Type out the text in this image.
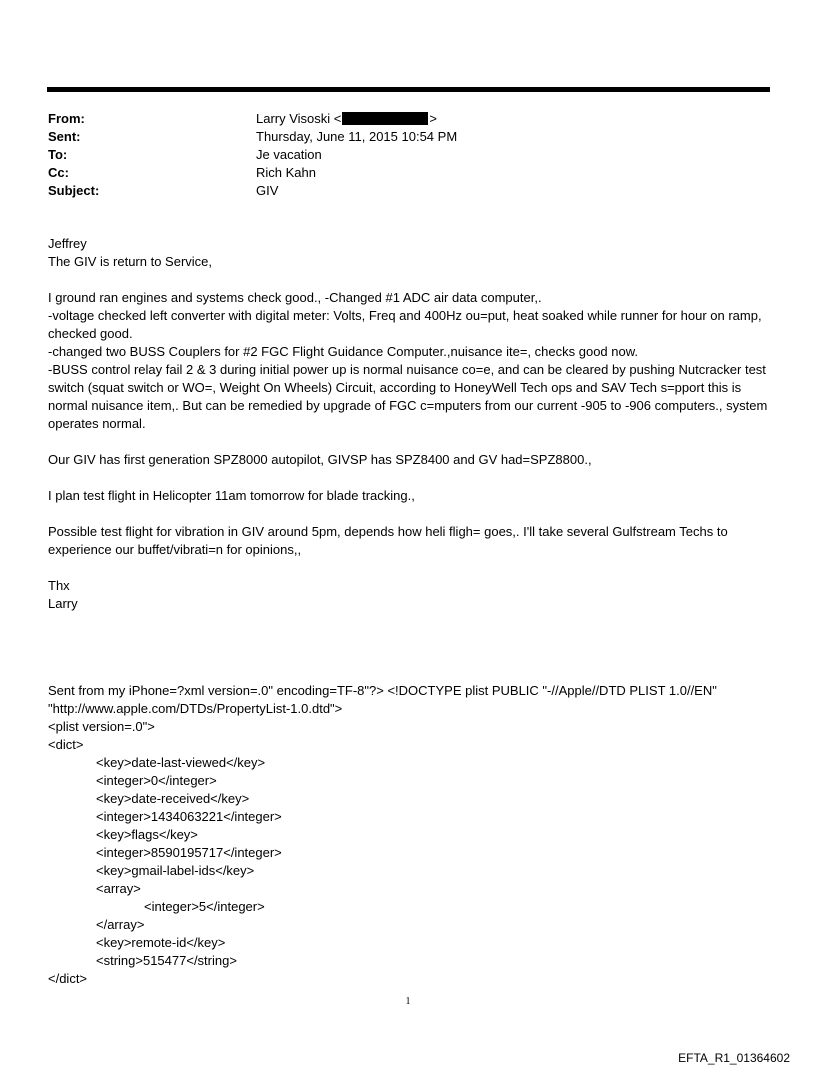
From:	Larry Visoski <	>
Sent:	Thursday, June 11, 2015 10:54 PM
To:	Je vacation
Cc:	Rich Kahn
Subject:	GIV

Jeffrey

The GIV is return to Service,

I ground ran engines and systems check good., -Changed #1 ADC air data computer,.

-voltage checked left converter with digital meter: Volts, Freq and 400Hz ou=put, heat soaked while runner for hour on ramp, checked good.

-changed two BUSS Couplers for #2 FGC Flight Guidance Computer.,nuisance ite=, checks good now.

-BUSS control relay fail 2 & 3 during initial power up is normal nuisance co=e, and can be cleared by pushing Nutcracker test switch (squat switch or WO=, Weight On Wheels) Circuit, according to HoneyWell Tech ops and SAV Tech s=pport this is normal nuisance item,. But can be remedied by upgrade of FGC c=mputers from our current -905 to -906 computers., system operates normal.

Our GIV has first generation SPZ8000 autopilot, GIVSP has SPZ8400 and GV had=SPZ8800.,

I plan test flight in Helicopter 11am tomorrow for blade tracking.,

Possible test flight for vibration in GIV around 5pm, depends how heli fligh= goes,. I'll take several Gulfstream Techs to experience our buffet/vibrati=n for opinions,,

Thx

Larry

Sent from my iPhone=?xml version=.0" encoding=TF-8"?> <!DOCTYPE plist PUBLIC "-//Apple//DTD PLIST 1.0//EN"
"http://www.apple.com/DTDs/PropertyList-1.0.dtd">
<plist version=.0">
<dict>
<key>date-last-viewed</key>
<integer>0</integer>
<key>date-received</key>
<integer>1434063221</integer>
<key>flags</key>
<integer>8590195717</integer>
<key>gmail-label-ids</key>
<array>
<integer>5</integer>
</array>
<key>remote-id</key>
<string>515477</string>
</dict>
1
EFTA_R1_01364602
